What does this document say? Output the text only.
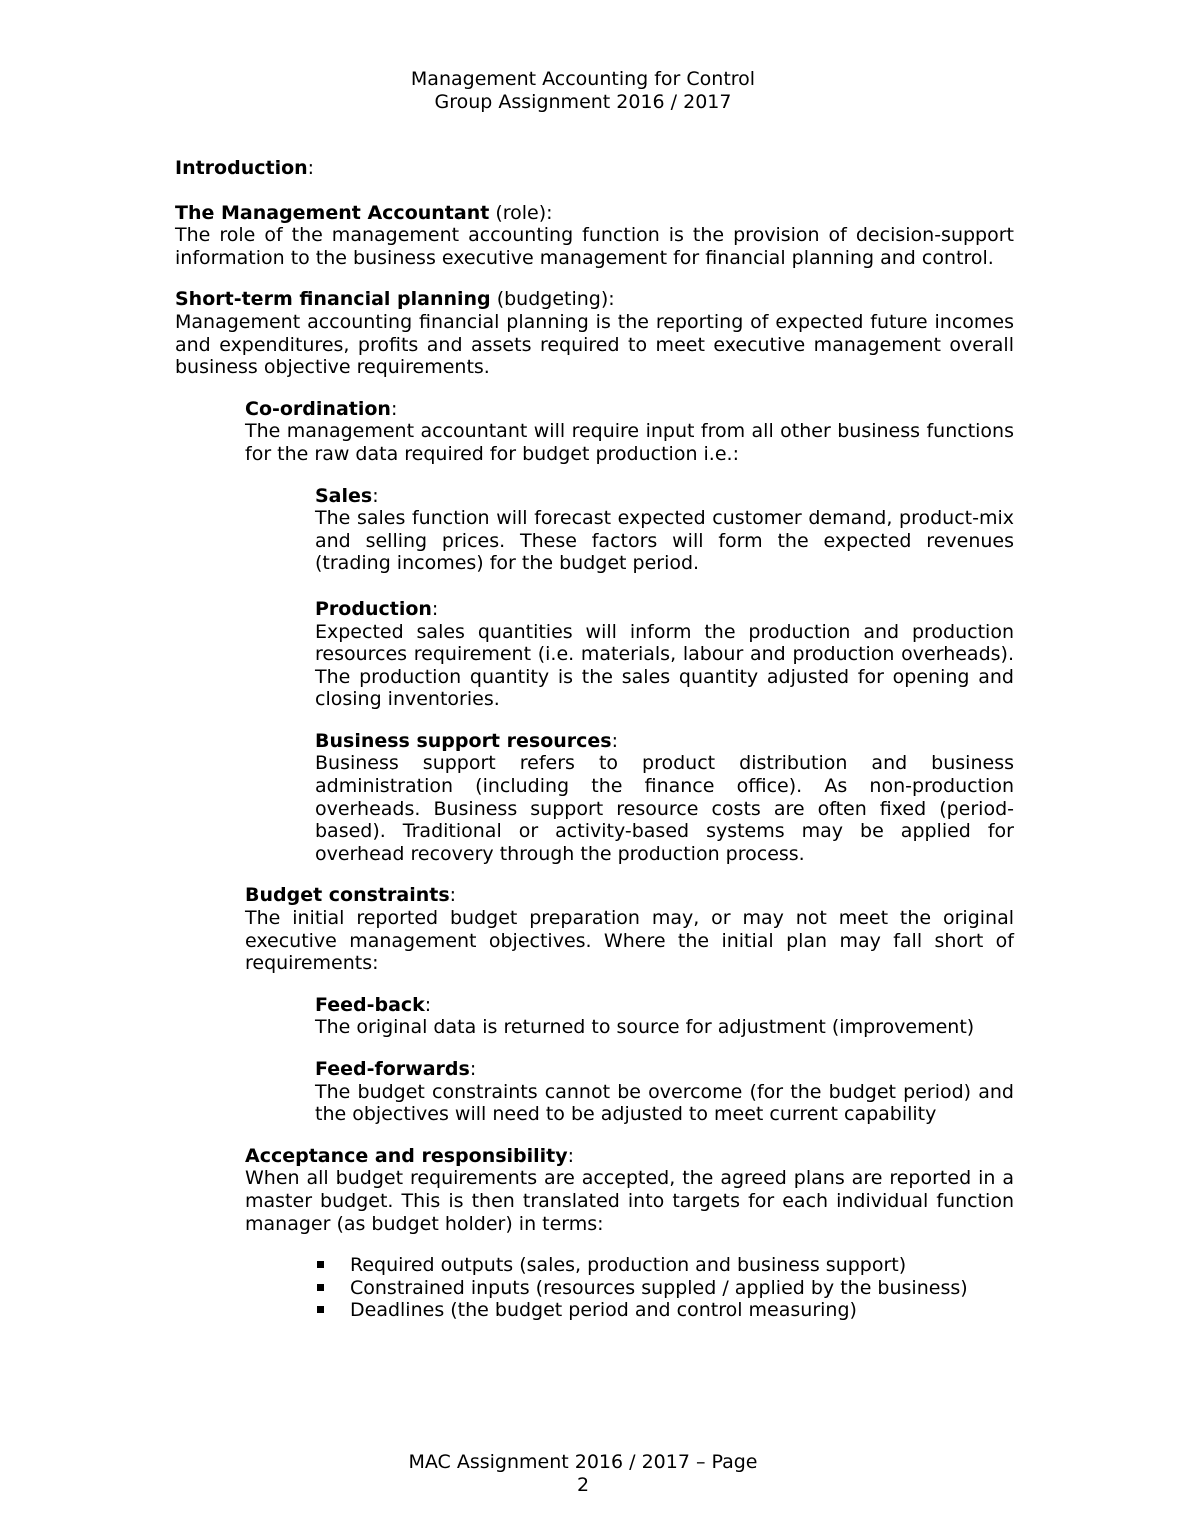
Management Accounting for Control
Group Assignment 2016 / 2017

Introduction:

The Management Accountant (role):

The role of the management accounting function is the provision of decision-support information to the business executive management for financial planning and control.

Short-term financial planning (budgeting):

Management accounting financial planning is the reporting of expected future incomes and expenditures, profits and assets required to meet executive management overall business objective requirements.

Co-ordination:

The management accountant will require input from all other business functions for the raw data required for budget production i.e.:

Sales:

The sales function will forecast expected customer demand, product-mix and selling prices. These factors will form the expected revenues (trading incomes) for the budget period.

Production:

Expected sales quantities will inform the production and production resources requirement (i.e. materials, labour and production overheads). The production quantity is the sales quantity adjusted for opening and closing inventories.

Business support resources:

Business support refers to product distribution and business administration (including the finance office). As non-production overheads. Business support resource costs are often fixed (period-based). Traditional or activity-based systems may be applied for overhead recovery through the production process.

Budget constraints:

The initial reported budget preparation may, or may not meet the original executive management objectives. Where the initial plan may fall short of requirements:

Feed-back:

The original data is returned to source for adjustment (improvement)

Feed-forwards:

The budget constraints cannot be overcome (for the budget period) and the objectives will need to be adjusted to meet current capability

Acceptance and responsibility:

When all budget requirements are accepted, the agreed plans are reported in a master budget. This is then translated into targets for each individual function manager (as budget holder) in terms:

Required outputs (sales, production and business support)
Constrained inputs (resources suppled / applied by the business)
Deadlines (the budget period and control measuring)
MAC Assignment 2016 / 2017 – Page
2
